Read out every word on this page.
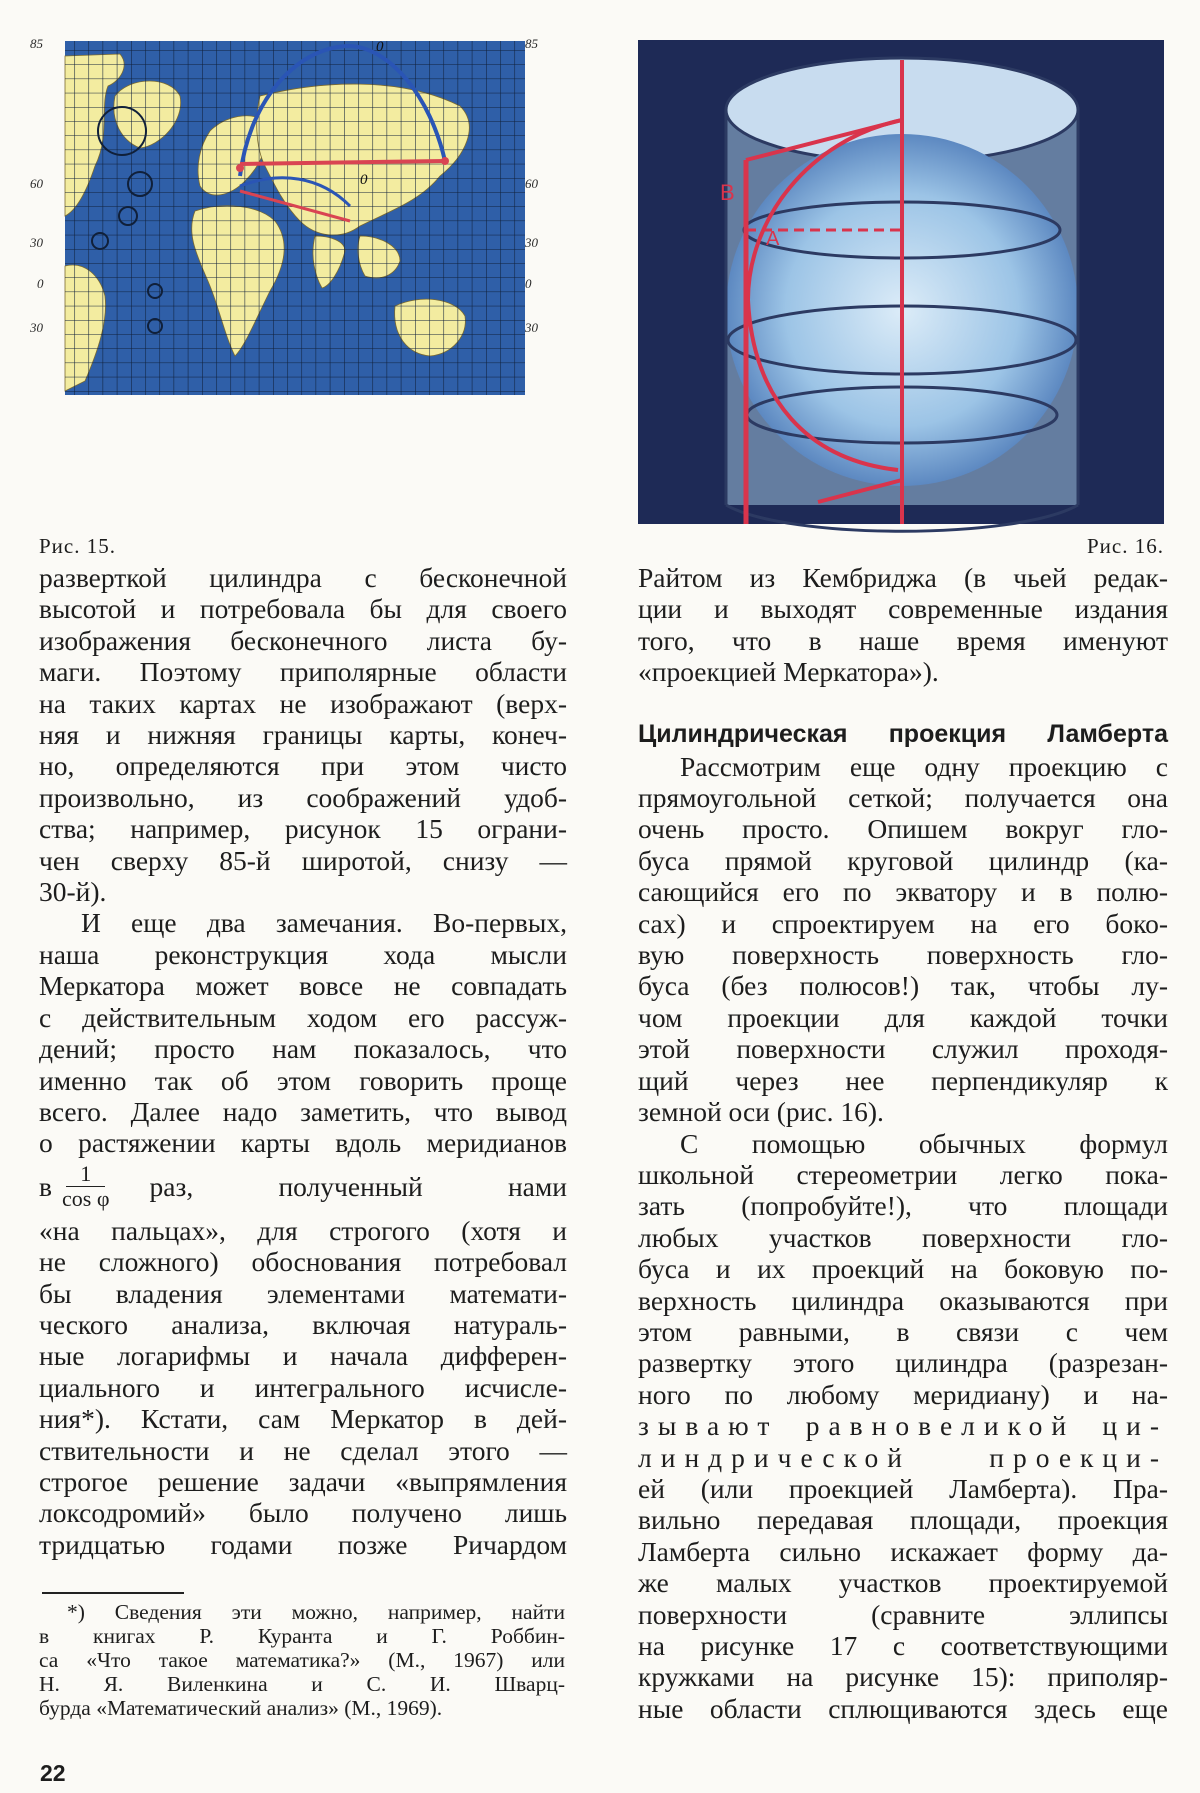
85
60
30
0
30
85
60
30
0
30
0
0	B
A
Рис. 15.	Рис. 16.

разверткой цилиндра с бесконечной

высотой и потребовала бы для своего

изображения бесконечного листа бу-

маги. Поэтому приполярные области

на таких картах не изображают (верх-

няя и нижняя границы карты, конеч-

но, определяются при этом чисто

произвольно, из соображений удоб-

ства; например, рисунок 15 ограни-

чен сверху 85-й широтой, снизу —

30-й).

И еще два замечания. Во-первых,

наша реконструкция хода мысли

Меркатора может вовсе не совпадать

с действительным ходом его рассуж-

дений; просто нам показалось, что

именно так об этом говорить проще

всего. Далее надо заметить, что вывод

о растяжении карты вдоль меридианов

в $\frac{1}{\text{cos φ}}$ раз,	полученный	нами

«на пальцах», для строгого (хотя и

не сложного) обоснования потребовал

бы владения элементами математи-

ческого анализа, включая натураль-

ные логарифмы и начала дифферен-

циального и интегрального исчисле-

ния*). Кстати, сам Меркатор в дей-

ствительности и не сделал этого —

строгое решение задачи «выпрямления

локсодромий» было получено лишь

тридцатью годами позже Ричардом

*) Сведения эти можно, например, найти

в книгах Р. Куранта и Г. Роббин-

са «Что такое математика?» (М., 1967) или

Н. Я. Виленкина и С. И. Шварц-

бурда «Математический анализ» (М., 1969).

Райтом из Кембриджа (в чьей редак-

ции и выходят современные издания

того, что в наше время именуют

«проекцией Меркатора»).

Цилиндрическая проекция Ламберта

Рассмотрим еще одну проекцию с

прямоугольной сеткой; получается она

очень просто. Опишем вокруг гло-

буса прямой круговой цилиндр (ка-

сающийся его по экватору и в полю-

сах) и спроектируем на его боко-

вую поверхность поверхность гло-

буса (без полюсов!) так, чтобы лу-

чом проекции для каждой точки

этой поверхности служил проходя-

щий через нее перпендикуляр к

земной оси (рис. 16).

С помощью обычных формул

школьной стереометрии легко пока-

зать (попробуйте!), что площади

любых участков поверхности гло-

буса и их проекций на боковую по-

верхность цилиндра оказываются при

этом равными, в связи с чем

развертку этого цилиндра (разрезан-

ного по любому меридиану) и на-

зывают равновеликой ци-

линдрической проекци-

ей (или проекцией Ламберта). Пра-

вильно передавая площади, проекция

Ламберта сильно искажает форму да-

же малых участков проектируемой

поверхности (сравните эллипсы

на рисунке 17 с соответствующими

кружками на рисунке 15): приполяр-

ные области сплющиваются здесь еще

22
